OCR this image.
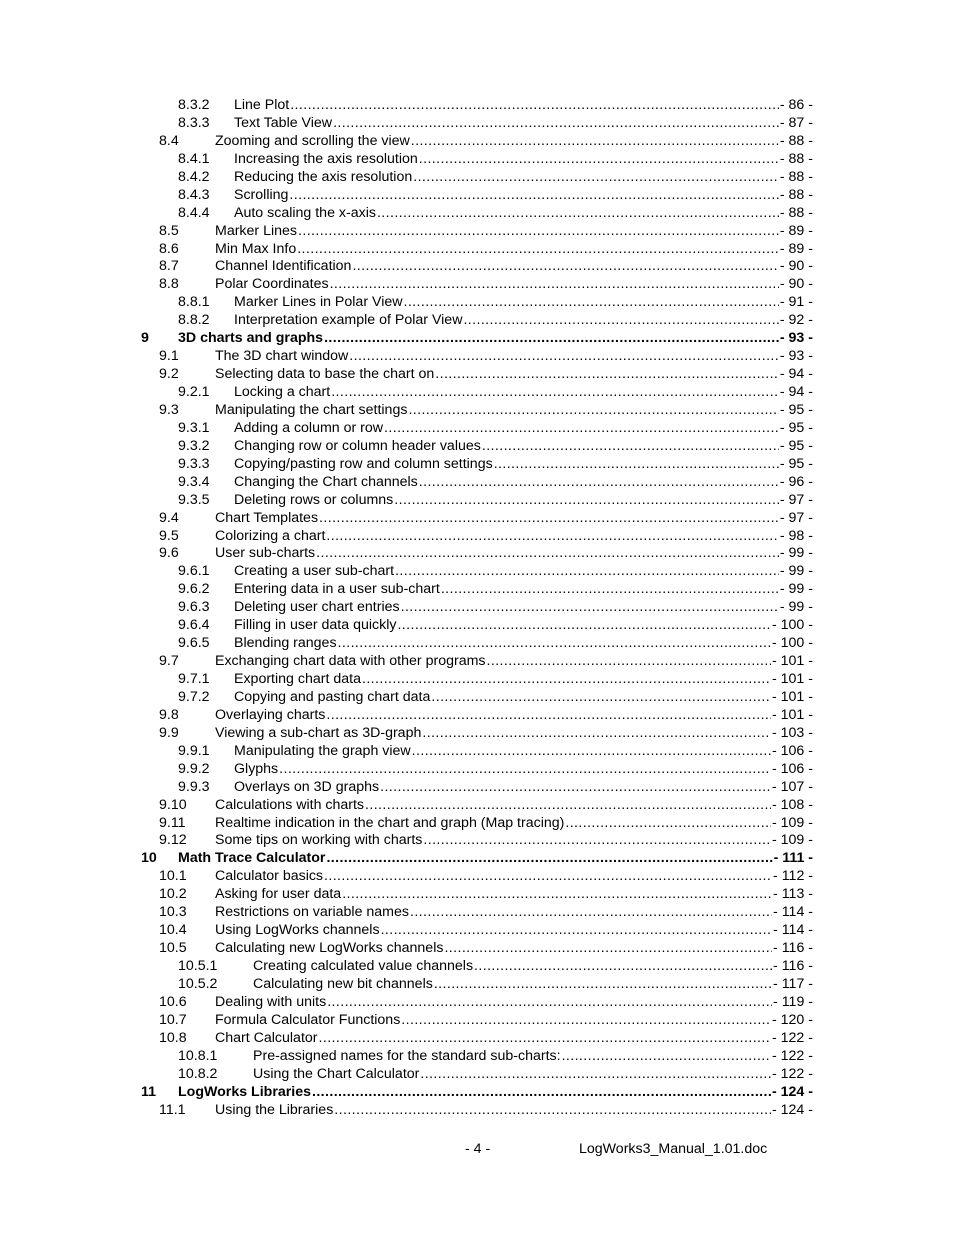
8.3.2 Line Plot .....	- 86 -
8.3.3 Text Table View .....	- 87 -
8.4	Zooming and scrolling the view .....	- 88 -
8.4.1 Increasing the axis resolution .....	- 88 -
8.4.2 Reducing the axis resolution .....	- 88 -
8.4.3 Scrolling .....	- 88 -
8.4.4 Auto scaling the x-axis .....	- 88 -
8.5	Marker Lines .....	- 89 -
8.6	Min Max Info .....	- 89 -
8.7	Channel Identification .....	- 90 -
8.8	Polar Coordinates .....	- 90 -
8.8.1 Marker Lines in Polar View .....	- 91 -
8.8.2 Interpretation example of Polar View .....	- 92 -
9 3D charts and graphs .....	- 93 -
9.1	The 3D chart window .....	- 93 -
9.2	Selecting data to base the chart on .....	- 94 -
9.2.1 Locking a chart .....	- 94 -
9.3	Manipulating the chart settings .....	- 95 -
9.3.1 Adding a column or row .....	- 95 -
9.3.2 Changing row or column header values .....	- 95 -
9.3.3 Copying/pasting row and column settings .....	- 95 -
9.3.4 Changing the Chart channels .....	- 96 -
9.3.5 Deleting rows or columns .....	- 97 -
9.4	Chart Templates .....	- 97 -
9.5	Colorizing a chart .....	- 98 -
9.6	User sub-charts .....	- 99 -
9.6.1 Creating a user sub-chart .....	- 99 -
9.6.2 Entering data in a user sub-chart .....	- 99 -
9.6.3 Deleting user chart entries .....	- 99 -
9.6.4 Filling in user data quickly .....	- 100 -
9.6.5 Blending ranges .....	- 100 -
9.7	Exchanging chart data with other programs .....	- 101 -
9.7.1 Exporting chart data .....	- 101 -
9.7.2 Copying and pasting chart data .....	- 101 -
9.8	Overlaying charts .....	- 101 -
9.9	Viewing a sub-chart as 3D-graph .....	- 103 -
9.9.1 Manipulating the graph view .....	- 106 -
9.9.2 Glyphs .....	- 106 -
9.9.3 Overlays on 3D graphs .....	- 107 -
9.10 Calculations with charts .....	- 108 -
9.11 Realtime indication in the chart and graph (Map tracing) .....	- 109 -
9.12 Some tips on working with charts .....	- 109 -
10 Math Trace Calculator .....	- 111 -
10.1 Calculator basics .....	- 112 -
10.2 Asking for user data .....	- 113 -
10.3 Restrictions on variable names .....	- 114 -
10.4 Using LogWorks channels .....	- 114 -
10.5 Calculating new LogWorks channels .....	- 116 -
10.5.1	Creating calculated value channels .....	- 116 -
10.5.2	Calculating new bit channels .....	- 117 -
10.6 Dealing with units .....	- 119 -
10.7 Formula Calculator Functions .....	- 120 -
10.8 Chart Calculator .....	- 122 -
10.8.1	Pre-assigned names for the standard sub-charts: .....	- 122 -
10.8.2	Using the Chart Calculator .....	- 122 -
11 LogWorks Libraries .....	- 124 -
11.1 Using the Libraries .....	- 124 -
- 4 -	LogWorks3_Manual_1.01.doc
